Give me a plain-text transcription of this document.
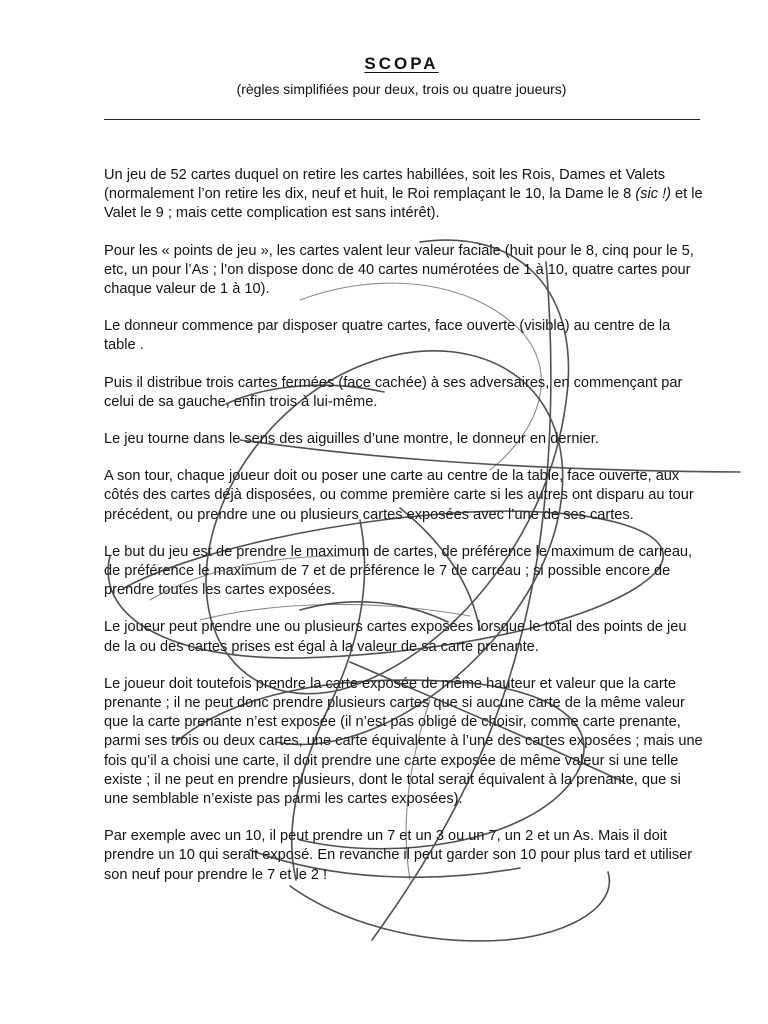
SCOPA
(règles simplifiées pour deux, trois ou quatre joueurs)

Un jeu de 52 cartes duquel on retire les cartes habillées, soit les Rois, Dames et Valets (normalement l’on retire les dix, neuf et huit, le Roi remplaçant le 10, la Dame le 8 (sic !) et le Valet le 9 ; mais cette complication est sans intérêt).

Pour les « points de jeu », les cartes valent leur valeur faciale (huit pour le 8, cinq pour le 5, etc, un pour l’As ; l’on dispose donc de 40 cartes numérotées de 1 à 10, quatre cartes pour chaque valeur de 1 à 10).

Le donneur commence par disposer quatre cartes, face ouverte (visible) au centre de la table .

Puis il distribue trois cartes fermées (face cachée) à ses adversaires, en commençant par celui de sa gauche, enfin trois à lui-même.

Le jeu tourne dans le sens des aiguilles d’une montre, le donneur en dernier.

A son tour, chaque joueur doit ou poser une carte au centre de la table, face ouverte, aux côtés des cartes déjà disposées, ou comme première carte si les autres ont disparu au tour précédent, ou prendre une ou plusieurs cartes exposées avec l’une de ses cartes.

Le but du jeu est de prendre le maximum de cartes, de préférence le maximum de carreau, de préférence le maximum de 7 et de préférence le 7 de carreau ; si possible encore de prendre toutes les cartes exposées.

Le joueur peut prendre une ou plusieurs cartes exposées lorsque le total des points de jeu de la ou des cartes prises est égal à la valeur de sa carte prenante.

Le joueur doit toutefois prendre la carte exposée de même hauteur et valeur que la carte prenante ; il ne peut donc prendre plusieurs cartes que si aucune carte de la même valeur que la carte prenante n’est exposée (il n’est pas obligé de choisir, comme carte prenante, parmi ses trois ou deux cartes, une carte équivalente à l’une des cartes exposées ; mais une fois qu’il a choisi une carte, il doit prendre une carte exposée de même valeur si une telle existe ; il ne peut en prendre plusieurs, dont le total serait équivalent à la prenante, que si une semblable n’existe pas parmi les cartes exposées).

Par exemple avec un 10, il peut prendre un 7 et un 3 ou un 7, un 2 et un As. Mais il doit prendre un 10 qui serait exposé. En revanche il peut garder son 10 pour plus tard et utiliser son neuf pour prendre le 7 et le 2 !
